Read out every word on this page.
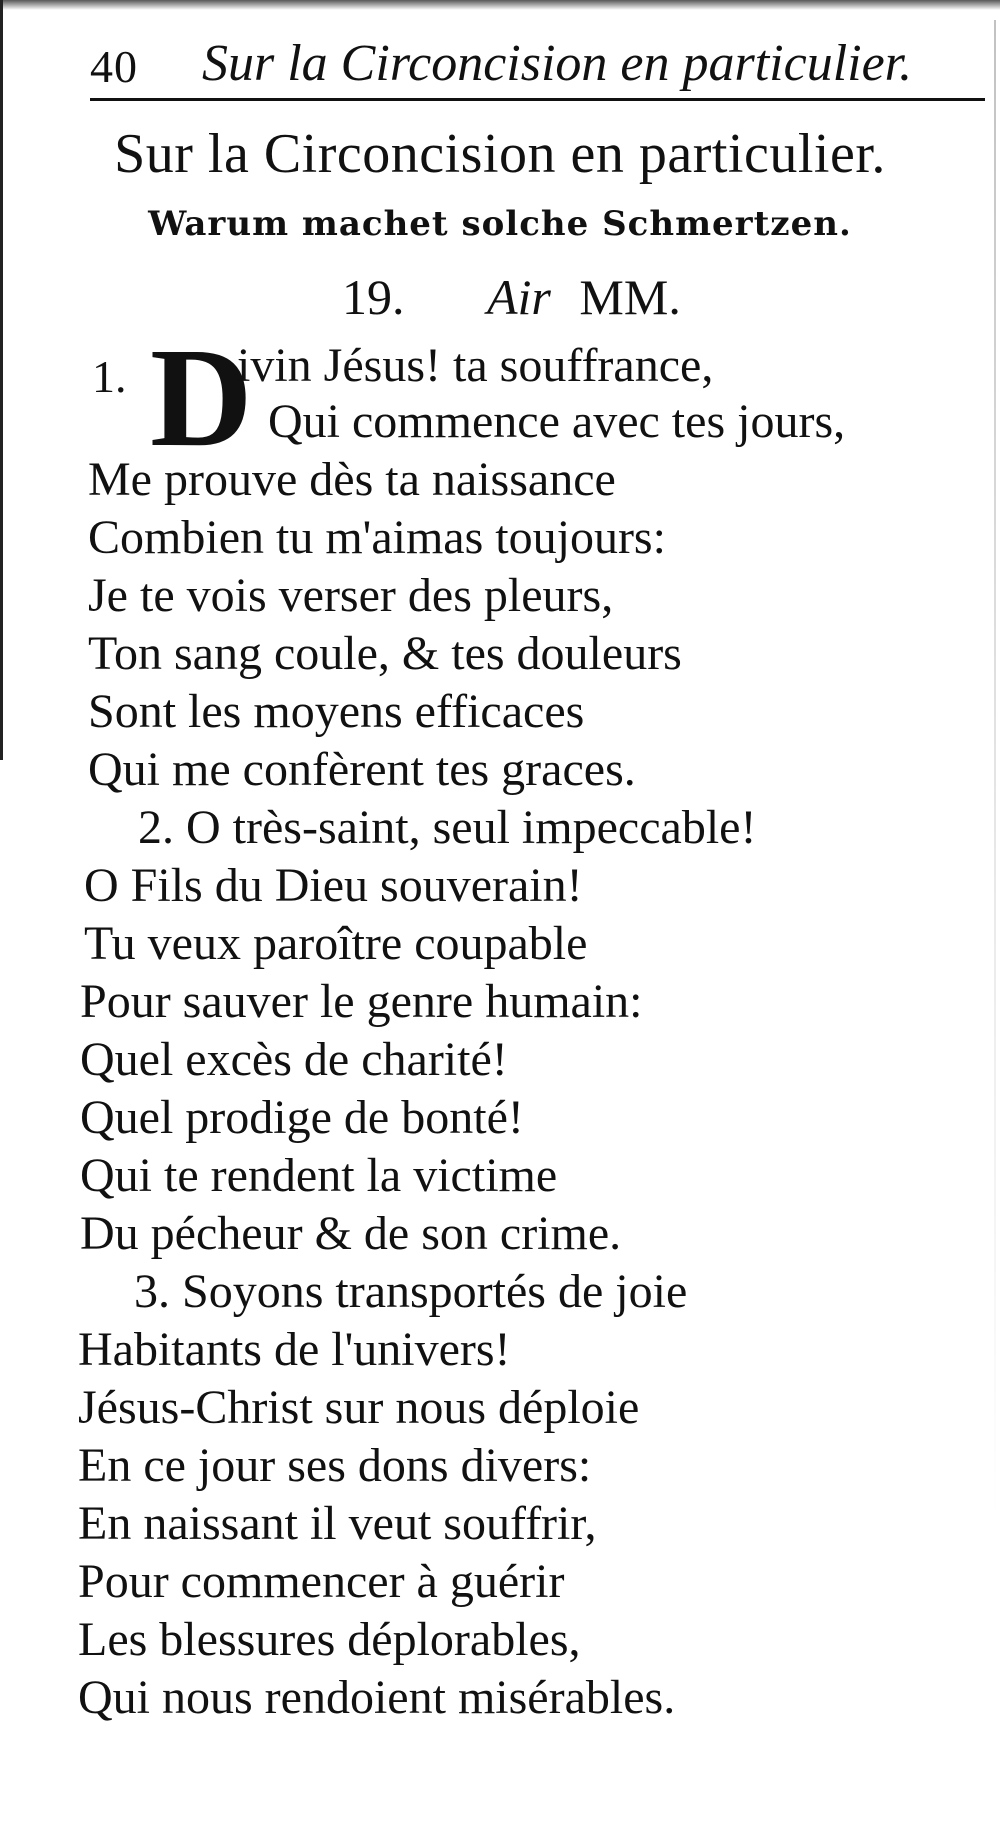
40 Sur la Circoncision en particulier.
Sur la Circoncision en particulier.
Warum machet solche Schmertzen.
19. Air MM.
1. D
ivin Jésus! ta souffrance,
Qui commence avec tes jours,
Me prouve dès ta naissance
Combien tu m'aimas toujours:
Je te vois verser des pleurs,
Ton sang coule, & tes douleurs
Sont les moyens efficaces
Qui me confèrent tes graces.
2. O très-saint, seul impeccable!
O Fils du Dieu souverain!
Tu veux paroître coupable
Pour sauver le genre humain:
Quel excès de charité!
Quel prodige de bonté!
Qui te rendent la victime
Du pécheur & de son crime.
3. Soyons transportés de joie
Habitants de l'univers!
Jésus-Christ sur nous déploie
En ce jour ses dons divers:
En naissant il veut souffrir,
Pour commencer à guérir
Les blessures déplorables,
Qui nous rendoient misérables.
